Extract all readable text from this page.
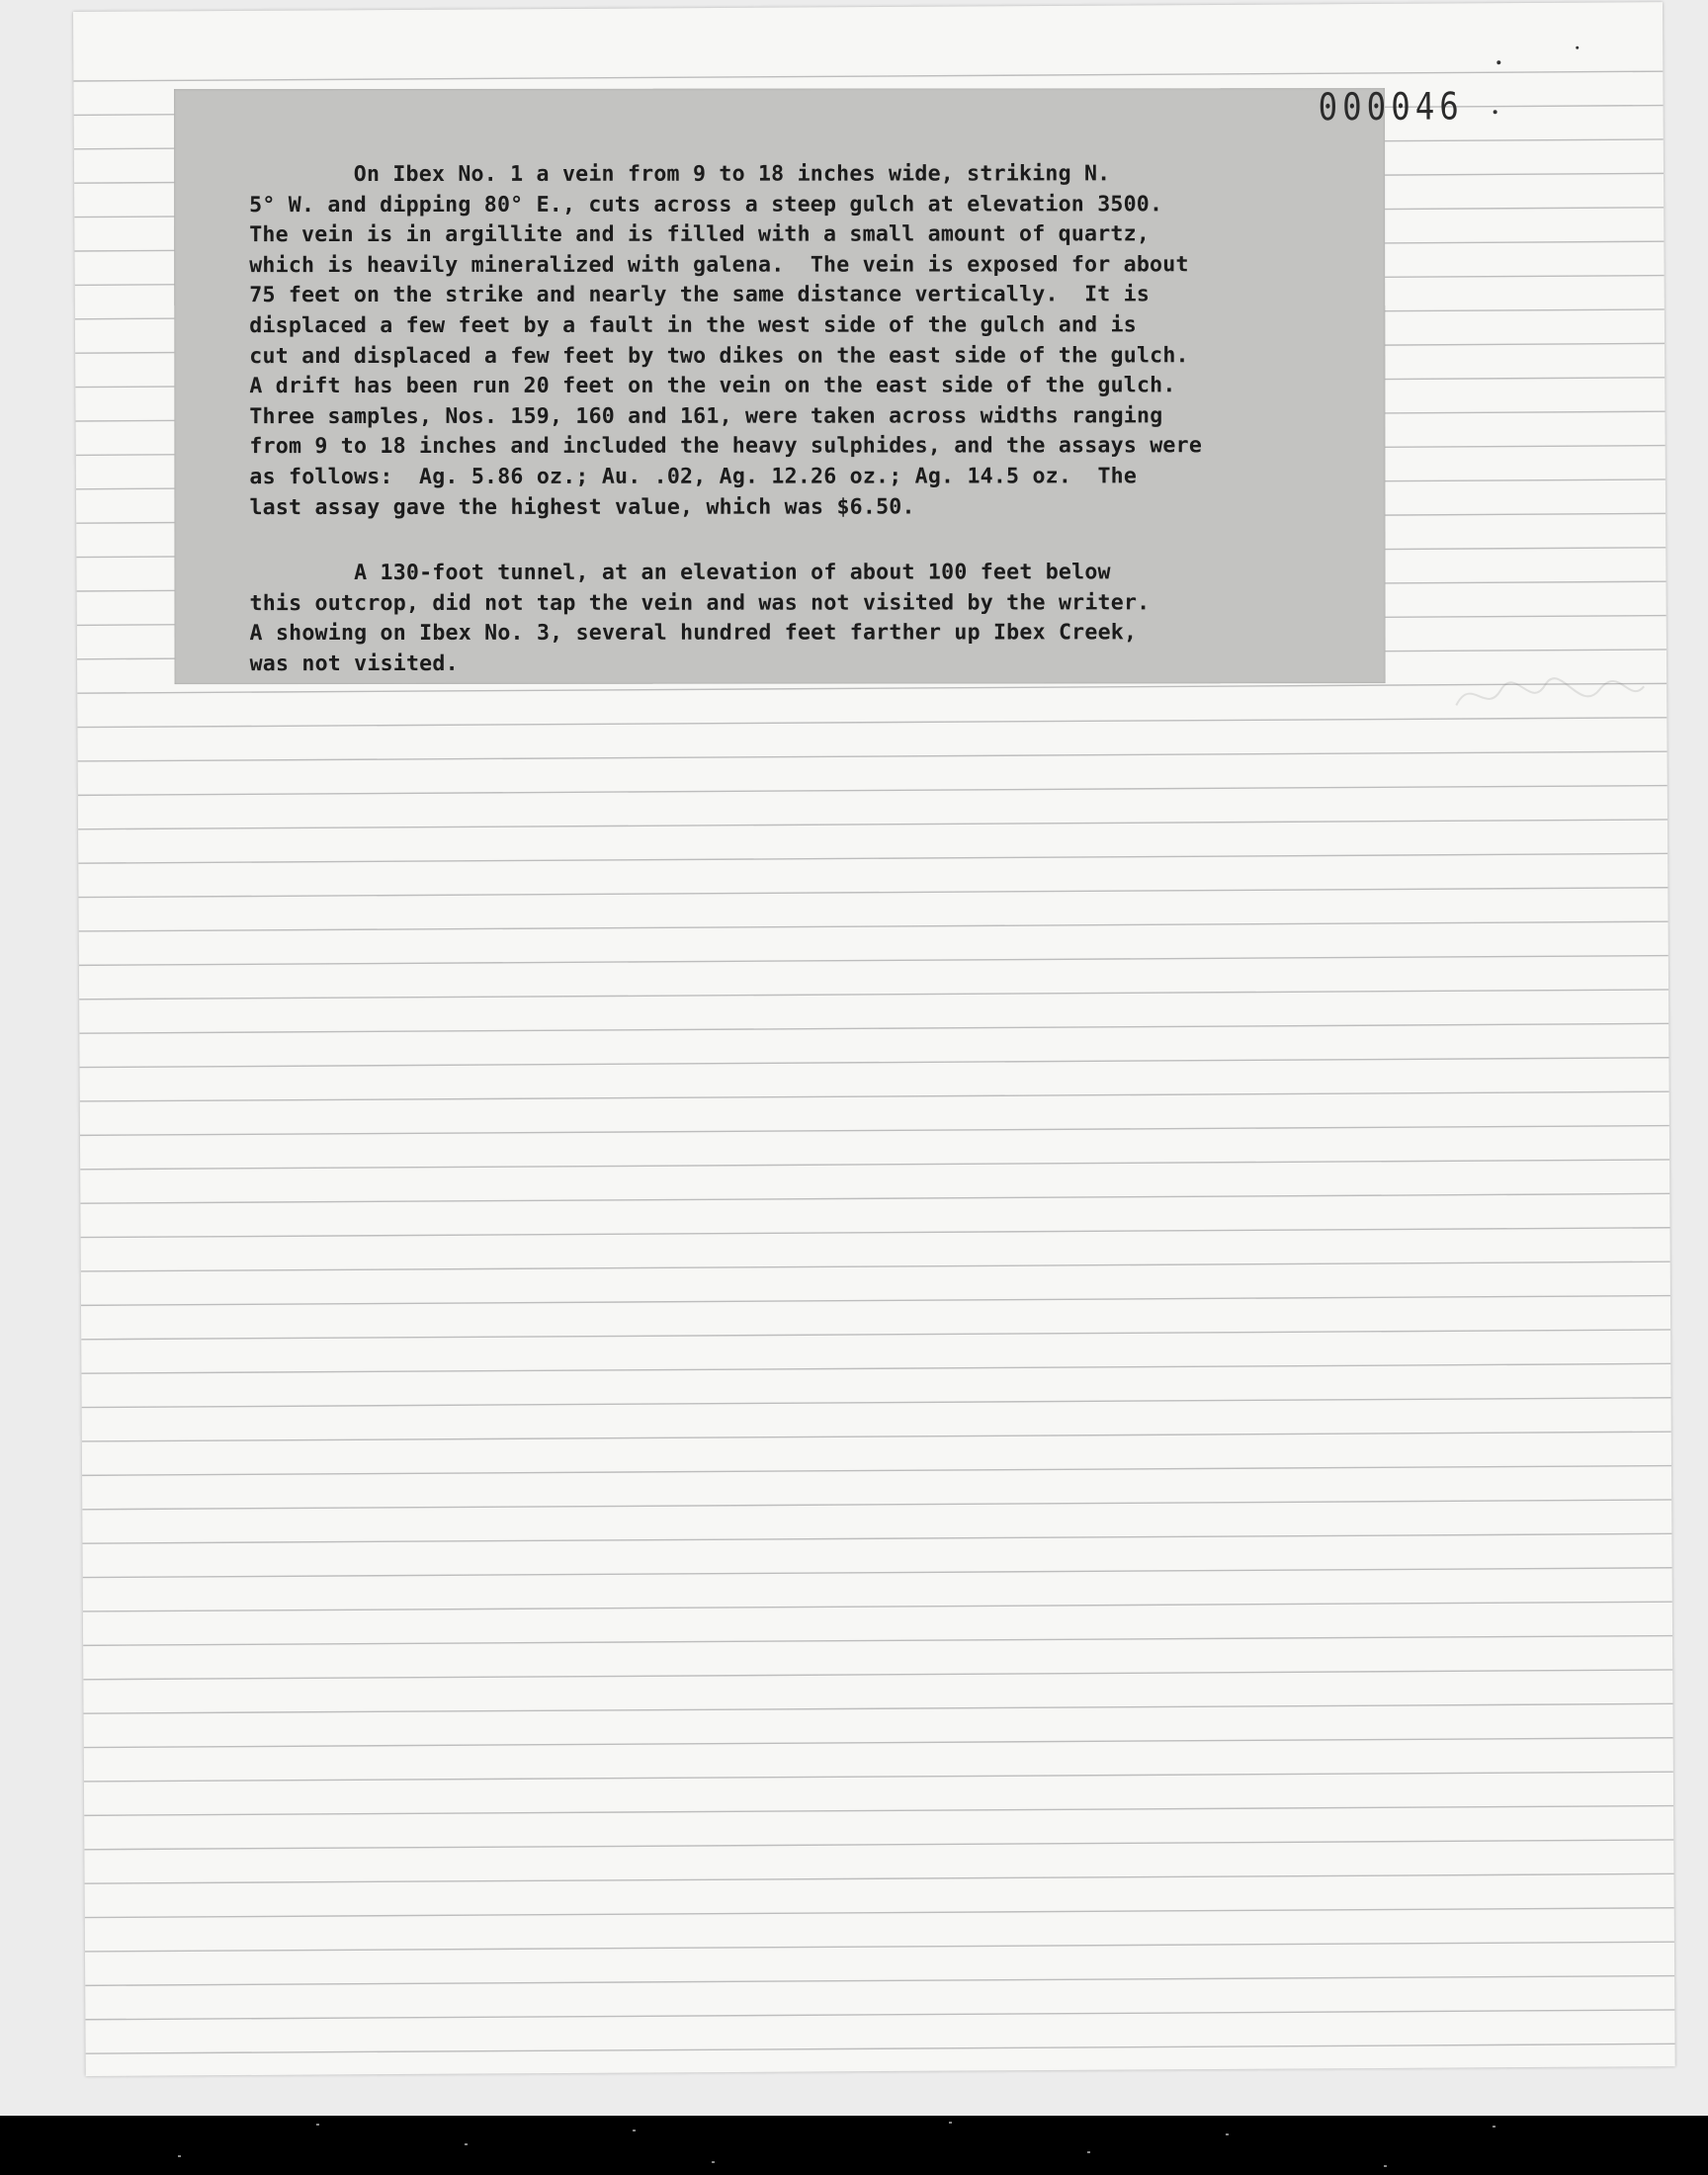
On Ibex No. 1 a vein from 9 to 18 inches wide, striking N.
5° W. and dipping 80° E., cuts across a steep gulch at elevation 3500.
The vein is in argillite and is filled with a small amount of quartz,
which is heavily mineralized with galena.  The vein is exposed for about
75 feet on the strike and nearly the same distance vertically.  It is
displaced a few feet by a fault in the west side of the gulch and is
cut and displaced a few feet by two dikes on the east side of the gulch.
A drift has been run 20 feet on the vein on the east side of the gulch.
Three samples, Nos. 159, 160 and 161, were taken across widths ranging
from 9 to 18 inches and included the heavy sulphides, and the assays were
as follows:  Ag. 5.86 oz.; Au. .02, Ag. 12.26 oz.; Ag. 14.5 oz.  The
last assay gave the highest value, which was $6.50.
A 130-foot tunnel, at an elevation of about 100 feet below
this outcrop, did not tap the vein and was not visited by the writer.
A showing on Ibex No. 3, several hundred feet farther up Ibex Creek,
was not visited.
000046
